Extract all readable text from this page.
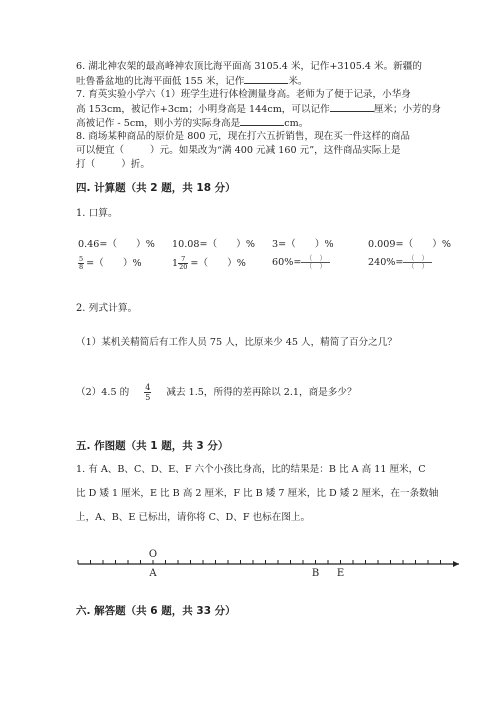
6. 湖北神农架的最高峰神农顶比海平面高 3105.4 米，记作+3105.4 米。新疆的
吐鲁番盆地的比海平面低 155 米，记作	米。
7. 育英实验小学六（1）班学生进行体检测量身高。老师为了便于记录，小华身
高 153cm，被记作+3cm；小明身高是 144cm，可以记作	厘米；小芳的身
高被记作 - 5cm，则小芳的实际身高是	cm。
8. 商场某种商品的原价是 800 元，现在打六五折销售，现在买一件这样的商品
可以便宜（	）元。如果改为“满 400 元减 160 元”，这件商品实际上是
打（	）折。
四. 计算题（共 2 题，共 18 分）
1. 口算。
0.46=（　　）% 10.08=（　　）% 3=（　　）%	0.009=（　　）%
$\frac{5}{8}$ =（　　）%	$1 \frac{7}{20}$ =（　　）%	$60\%= \frac{( )}{( )}$	$240\%= \frac{( )}{( )}$
2. 列式计算。
（1）某机关精简后有工作人员 75 人，比原来少 45 人，精简了百分之几？
（2）4.5 的 $\frac{4}{5}$ 减去 1.5，所得的差再除以 2.1，商是多少？
五. 作图题（共 1 题，共 3 分）
1. 有 A、B、C、D、E、F 六个小孩比身高，比的结果是：B 比 A 高 11 厘米，C
比 D 矮 1 厘米，E 比 B 高 2 厘米，F 比 B 矮 7 厘米，比 D 矮 2 厘米，在一条数轴
上，A、B、E 已标出，请你将 C、D、F 也标在图上。
O
A	B E
六. 解答题（共 6 题，共 33 分）
